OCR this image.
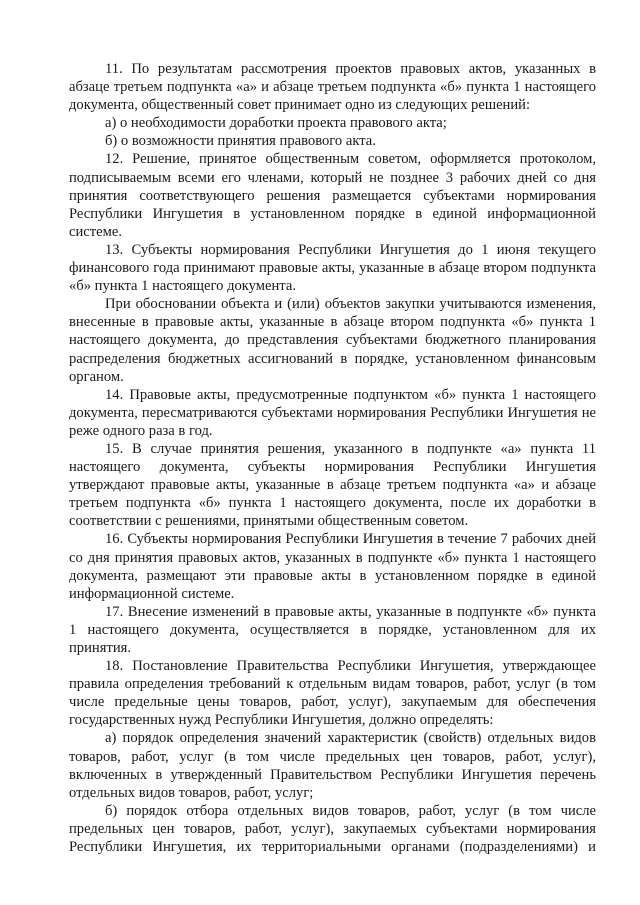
11. По результатам рассмотрения проектов правовых актов, указанных в абзаце третьем подпункта «а» и абзаце третьем подпункта «б» пункта 1 настоящего документа, общественный совет принимает одно из следующих решений:

а) о необходимости доработки проекта правового акта;

б) о возможности принятия правового акта.

12. Решение, принятое общественным советом, оформляется протоколом, подписываемым всеми его членами, который не позднее 3 рабочих дней со дня принятия соответствующего решения размещается субъектами нормирования Республики Ингушетия в установленном порядке в единой информационной системе.

13. Субъекты нормирования Республики Ингушетия до 1 июня текущего финансового года принимают правовые акты, указанные в абзаце втором подпункта «б» пункта 1 настоящего документа.

При обосновании объекта и (или) объектов закупки учитываются изменения, внесенные в правовые акты, указанные в абзаце втором подпункта «б» пункта 1 настоящего документа, до представления субъектами бюджетного планирования распределения бюджетных ассигнований в порядке, установленном финансовым органом.

14. Правовые акты, предусмотренные подпунктом «б» пункта 1 настоящего документа, пересматриваются субъектами нормирования Республики Ингушетия не реже одного раза в год.

15. В случае принятия решения, указанного в подпункте «а» пункта 11 настоящего документа, субъекты нормирования Республики Ингушетия утверждают правовые акты, указанные в абзаце третьем подпункта «а» и абзаце третьем подпункта «б» пункта 1 настоящего документа, после их доработки в соответствии с решениями, принятыми общественным советом.

16. Субъекты нормирования Республики Ингушетия в течение 7 рабочих дней со дня принятия правовых актов, указанных в подпункте «б» пункта 1 настоящего документа, размещают эти правовые акты в установленном порядке в единой информационной системе.

17. Внесение изменений в правовые акты, указанные в подпункте «б» пункта 1 настоящего документа, осуществляется в порядке, установленном для их принятия.

18. Постановление Правительства Республики Ингушетия, утверждающее правила определения требований к отдельным видам товаров, работ, услуг (в том числе предельные цены товаров, работ, услуг), закупаемым для обеспечения государственных нужд Республики Ингушетия, должно определять:

а) порядок определения значений характеристик (свойств) отдельных видов товаров, работ, услуг (в том числе предельных цен товаров, работ, услуг), включенных в утвержденный Правительством Республики Ингушетия перечень отдельных видов товаров, работ, услуг;

б) порядок отбора отдельных видов товаров, работ, услуг (в том числе предельных цен товаров, работ, услуг), закупаемых субъектами нормирования Республики Ингушетия, их территориальными органами (подразделениями) и
